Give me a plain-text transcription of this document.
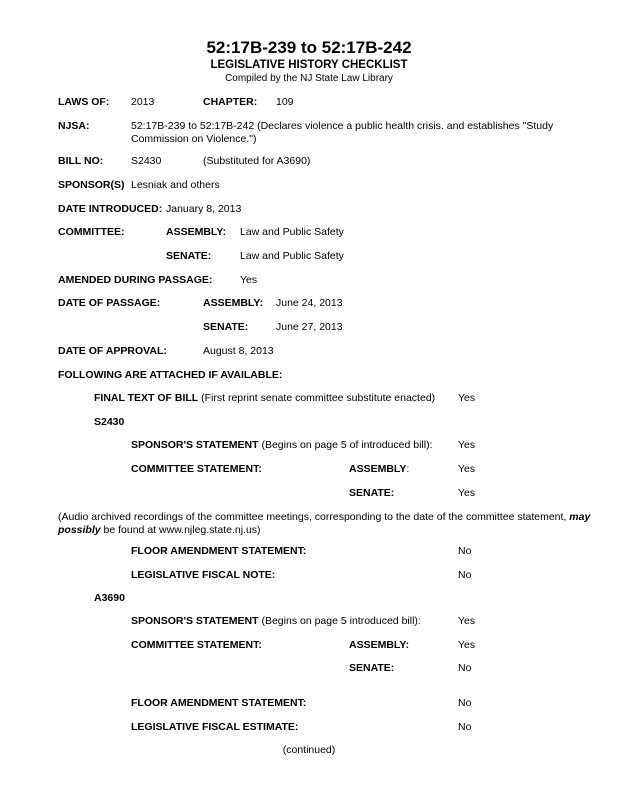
52:17B-239 to 52:17B-242
LEGISLATIVE HISTORY CHECKLIST
Compiled by the NJ State Law Library
LAWS OF: 2013	CHAPTER: 109
NJSA:	52:17B-239 to 52:17B-242 (Declares violence a public health crisis. and establishes "Study Commission on Violence.")
BILL NO:	S2430	(Substituted for A3690)
SPONSOR(S) Lesniak and others
DATE INTRODUCED: January 8, 2013
COMMITTEE:	ASSEMBLY: Law and Public Safety
SENATE:	Law and Public Safety
AMENDED DURING PASSAGE:	Yes
DATE OF PASSAGE:	ASSEMBLY: June 24, 2013
SENATE:	June 27, 2013
DATE OF APPROVAL:	August 8, 2013
FOLLOWING ARE ATTACHED IF AVAILABLE:
FINAL TEXT OF BILL (First reprint senate committee substitute enacted) Yes
S2430
SPONSOR'S STATEMENT (Begins on page 5 of introduced bill): Yes
COMMITTEE STATEMENT:	ASSEMBLY:	Yes
SENATE:	Yes
(Audio archived recordings of the committee meetings, corresponding to the date of the committee statement, may possibly be found at www.njleg.state.nj.us)
FLOOR AMENDMENT STATEMENT:	No
LEGISLATIVE FISCAL NOTE:	No
A3690
SPONSOR'S STATEMENT (Begins on page 5 introduced bill):	Yes
COMMITTEE STATEMENT:	ASSEMBLY:	Yes
SENATE:	No
FLOOR AMENDMENT STATEMENT:	No
LEGISLATIVE FISCAL ESTIMATE:	No
(continued)
